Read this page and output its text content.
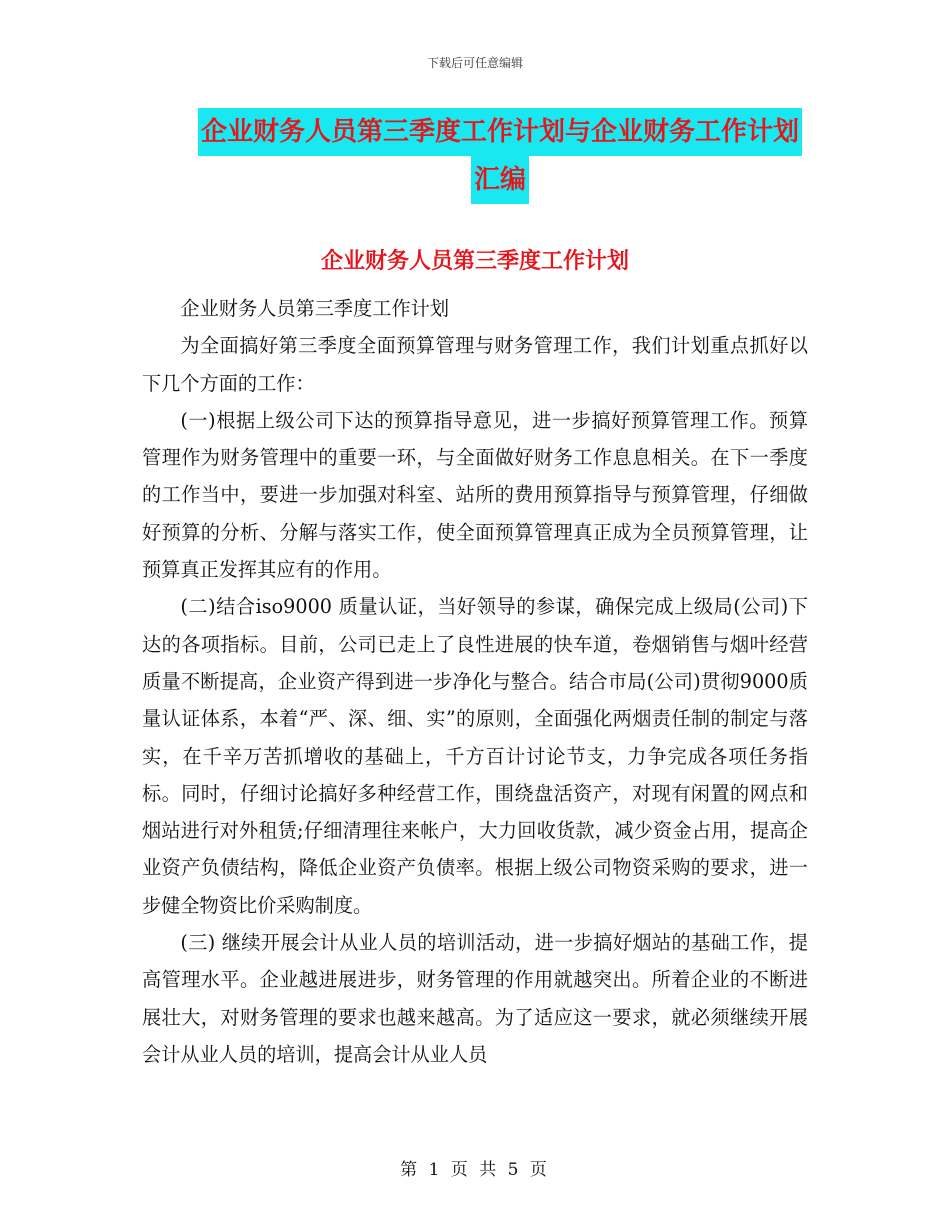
下载后可任意编辑
企业财务人员第三季度工作计划与企业财务工作计划
汇编
企业财务人员第三季度工作计划

企业财务人员第三季度工作计划

为全面搞好第三季度全面预算管理与财务管理工作，我们计划重点抓好以下几个方面的工作：

(一)根据上级公司下达的预算指导意见，进一步搞好预算管理工作。预算管理作为财务管理中的重要一环，与全面做好财务工作息息相关。在下一季度的工作当中，要进一步加强对科室、站所的费用预算指导与预算管理，仔细做好预算的分析、分解与落实工作，使全面预算管理真正成为全员预算管理，让预算真正发挥其应有的作用。

(二)结合iso9000 质量认证，当好领导的参谋，确保完成上级局(公司)下达的各项指标。目前，公司已走上了良性进展的快车道，卷烟销售与烟叶经营质量不断提高，企业资产得到进一步净化与整合。结合市局(公司)贯彻9000质量认证体系，本着“严、深、细、实”的原则，全面强化两烟责任制的制定与落实，在千辛万苦抓增收的基础上，千方百计讨论节支，力争完成各项任务指标。同时，仔细讨论搞好多种经营工作，围绕盘活资产，对现有闲置的网点和烟站进行对外租赁;仔细清理往来帐户，大力回收货款，减少资金占用，提高企业资产负债结构，降低企业资产负债率。根据上级公司物资采购的要求，进一步健全物资比价采购制度。

(三) 继续开展会计从业人员的培训活动，进一步搞好烟站的基础工作，提高管理水平。企业越进展进步，财务管理的作用就越突出。所着企业的不断进展壮大，对财务管理的要求也越来越高。为了适应这一要求，就必须继续开展会计从业人员的培训，提高会计从业人员

第 1 页 共 5 页
